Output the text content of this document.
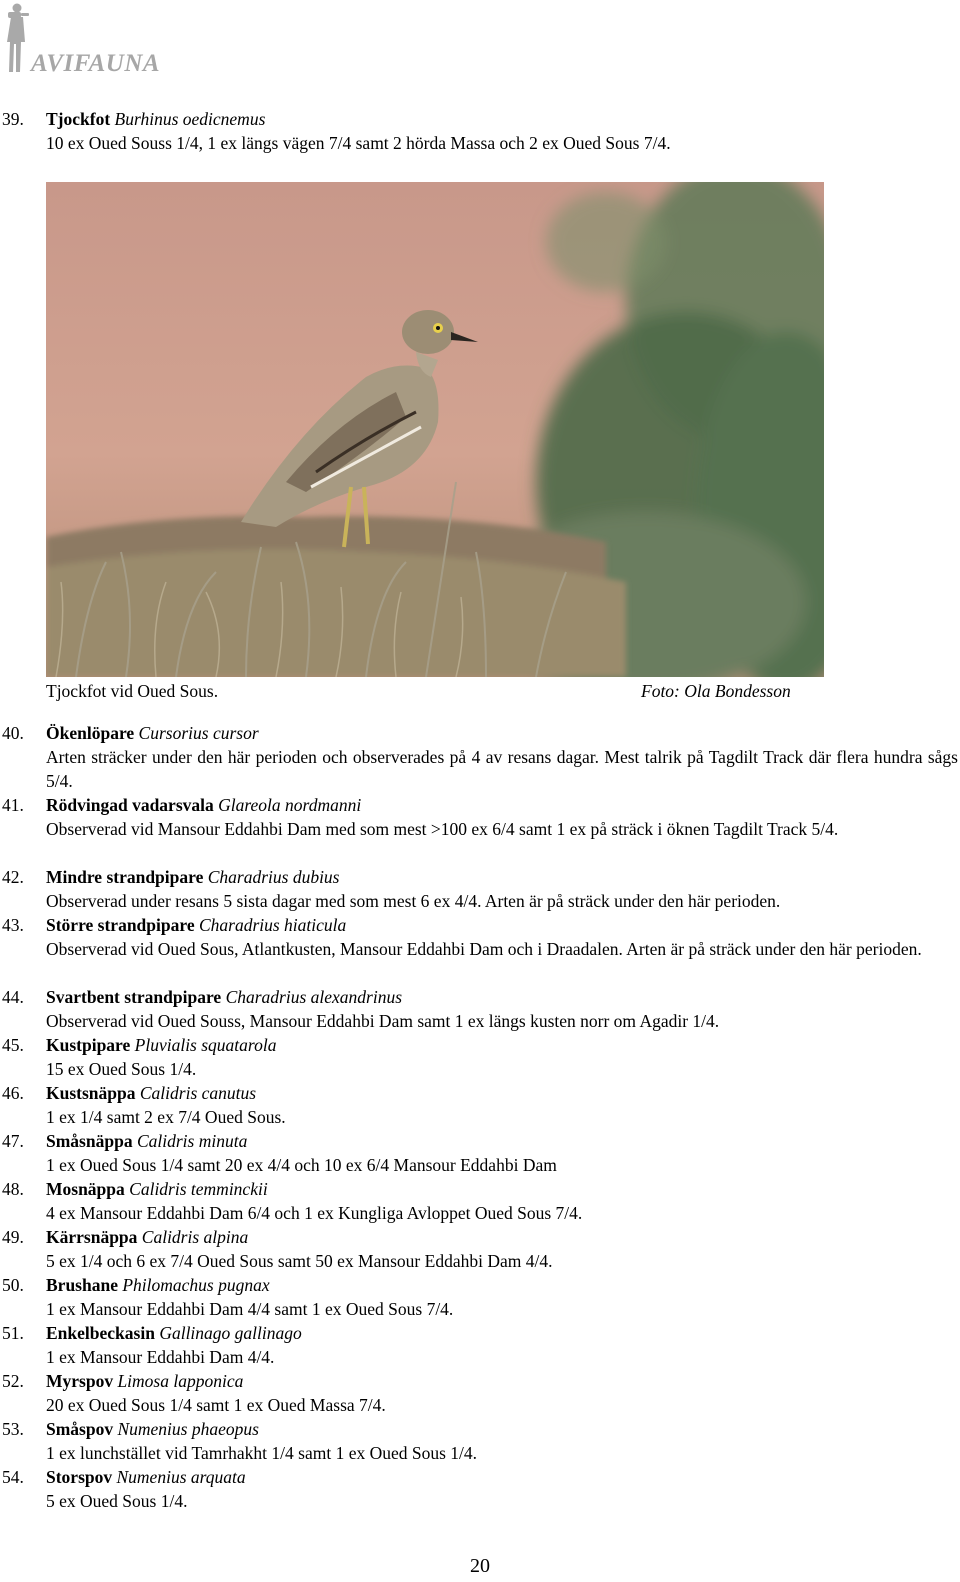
AVIFAUNA
39. Tjockfot Burhinus oedicnemus
10 ex Oued Souss 1/4, 1 ex längs vägen 7/4 samt 2 hörda Massa och 2 ex Oued Sous 7/4.
Tjockfot vid Oued Sous.	Foto: Ola Bondesson
40. Ökenlöpare Cursorius cursor
Arten sträcker under den här perioden och observerades på 4 av resans dagar. Mest talrik på Tagdilt Track där flera hundra sågs 5/4.
41. Rödvingad vadarsvala Glareola nordmanni
Observerad vid Mansour Eddahbi Dam med som mest >100 ex 6/4 samt 1 ex på sträck i öknen Tagdilt Track 5/4.
42. Mindre strandpipare Charadrius dubius
Observerad under resans 5 sista dagar med som mest 6 ex 4/4. Arten är på sträck under den här perioden.
43. Större strandpipare Charadrius hiaticula
Observerad vid Oued Sous, Atlantkusten, Mansour Eddahbi Dam och i Draadalen. Arten är på sträck under den här perioden.
44. Svartbent strandpipare Charadrius alexandrinus
Observerad vid Oued Souss, Mansour Eddahbi Dam samt 1 ex längs kusten norr om Agadir 1/4.
45. Kustpipare Pluvialis squatarola
15 ex Oued Sous 1/4.
46. Kustsnäppa Calidris canutus
1 ex 1/4 samt 2 ex 7/4 Oued Sous.
47. Småsnäppa Calidris minuta
1 ex Oued Sous 1/4 samt 20 ex 4/4 och 10 ex 6/4 Mansour Eddahbi Dam
48. Mosnäppa Calidris temminckii
4 ex Mansour Eddahbi Dam 6/4 och 1 ex Kungliga Avloppet Oued Sous 7/4.
49. Kärrsnäppa Calidris alpina
5 ex 1/4 och 6 ex 7/4 Oued Sous samt 50 ex Mansour Eddahbi Dam 4/4.
50. Brushane Philomachus pugnax
1 ex Mansour Eddahbi Dam 4/4 samt 1 ex Oued Sous 7/4.
51. Enkelbeckasin Gallinago gallinago
1 ex Mansour Eddahbi Dam 4/4.
52. Myrspov Limosa lapponica
20 ex Oued Sous 1/4 samt 1 ex Oued Massa 7/4.
53. Småspov Numenius phaeopus
1 ex lunchstället vid Tamrhakht 1/4 samt 1 ex Oued Sous 1/4.
54. Storspov Numenius arquata
5 ex Oued Sous 1/4.
20
